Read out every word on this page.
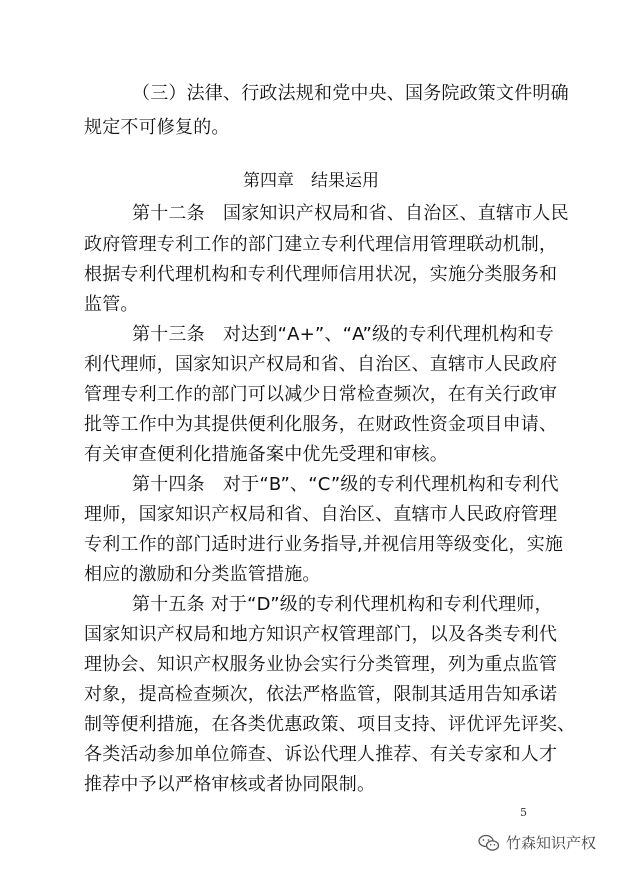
（三）法律、行政法规和党中央、国务院政策文件明确
规定不可修复的。
第四章　结果运用
第十二条　国家知识产权局和省、自治区、直辖市人民
政府管理专利工作的部门建立专利代理信用管理联动机制，
根据专利代理机构和专利代理师信用状况，实施分类服务和
监管。
第十三条　对达到“A+”、“A”级的专利代理机构和专
利代理师，国家知识产权局和省、自治区、直辖市人民政府
管理专利工作的部门可以减少日常检查频次，在有关行政审
批等工作中为其提供便利化服务，在财政性资金项目申请、
有关审查便利化措施备案中优先受理和审核。
第十四条　对于“B”、“C”级的专利代理机构和专利代
理师，国家知识产权局和省、自治区、直辖市人民政府管理
专利工作的部门适时进行业务指导,并视信用等级变化，实施
相应的激励和分类监管措施。
第十五条 对于“D”级的专利代理机构和专利代理师，
国家知识产权局和地方知识产权管理部门，以及各类专利代
理协会、知识产权服务业协会实行分类管理，列为重点监管
对象，提高检查频次，依法严格监管，限制其适用告知承诺
制等便利措施，在各类优惠政策、项目支持、评优评先评奖、
各类活动参加单位筛查、诉讼代理人推荐、有关专家和人才
推荐中予以严格审核或者协同限制。
5
竹森知识产权
